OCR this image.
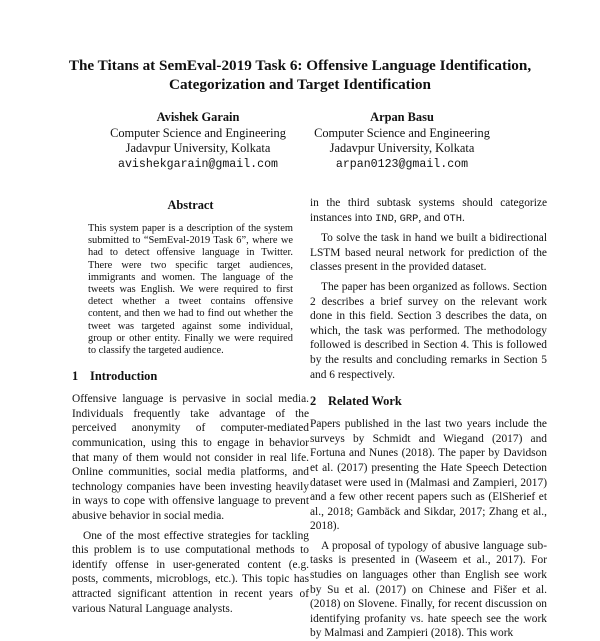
The Titans at SemEval-2019 Task 6: Offensive Language Identification,
Categorization and Target Identification
Avishek Garain
Computer Science and Engineering
Jadavpur University, Kolkata
avishekgarain@gmail.com
Arpan Basu
Computer Science and Engineering
Jadavpur University, Kolkata
arpan0123@gmail.com
Abstract

This system paper is a description of the system submitted to “SemEval-2019 Task 6”, where we had to detect offensive language in Twitter. There were two specific target audiences, immigrants and women. The language of the tweets was English. We were required to first detect whether a tweet contains offensive content, and then we had to find out whether the tweet was targeted against some individual, group or other entity. Finally we were required to classify the targeted audience.

1 Introduction

Offensive language is pervasive in social media. Individuals frequently take advantage of the perceived anonymity of computer-mediated communication, using this to engage in behavior that many of them would not consider in real life. Online communities, social media platforms, and technology companies have been investing heavily in ways to cope with offensive language to prevent abusive behavior in social media.

One of the most effective strategies for tackling this problem is to use computational methods to identify offense in user-generated content (e.g. posts, comments, microblogs, etc.). This topic has attracted significant attention in recent years of various Natural Language analysts.

in the third subtask systems should categorize instances into IND, GRP, and OTH.

To solve the task in hand we built a bidirectional LSTM based neural network for prediction of the classes present in the provided dataset.

The paper has been organized as follows. Section 2 describes a brief survey on the relevant work done in this field. Section 3 describes the data, on which, the task was performed. The methodology followed is described in Section 4. This is followed by the results and concluding remarks in Section 5 and 6 respectively.

2 Related Work

Papers published in the last two years include the surveys by Schmidt and Wiegand (2017) and Fortuna and Nunes (2018). The paper by Davidson et al. (2017) presenting the Hate Speech Detection dataset were used in (Malmasi and Zampieri, 2017) and a few other recent papers such as (ElSherief et al., 2018; Gambäck and Sikdar, 2017; Zhang et al., 2018).

A proposal of typology of abusive language sub-tasks is presented in (Waseem et al., 2017). For studies on languages other than English see work by Su et al. (2017) on Chinese and Fišer et al. (2018) on Slovene. Finally, for recent discussion on identifying profanity vs. hate speech see the work by Malmasi and Zampieri (2018). This work
